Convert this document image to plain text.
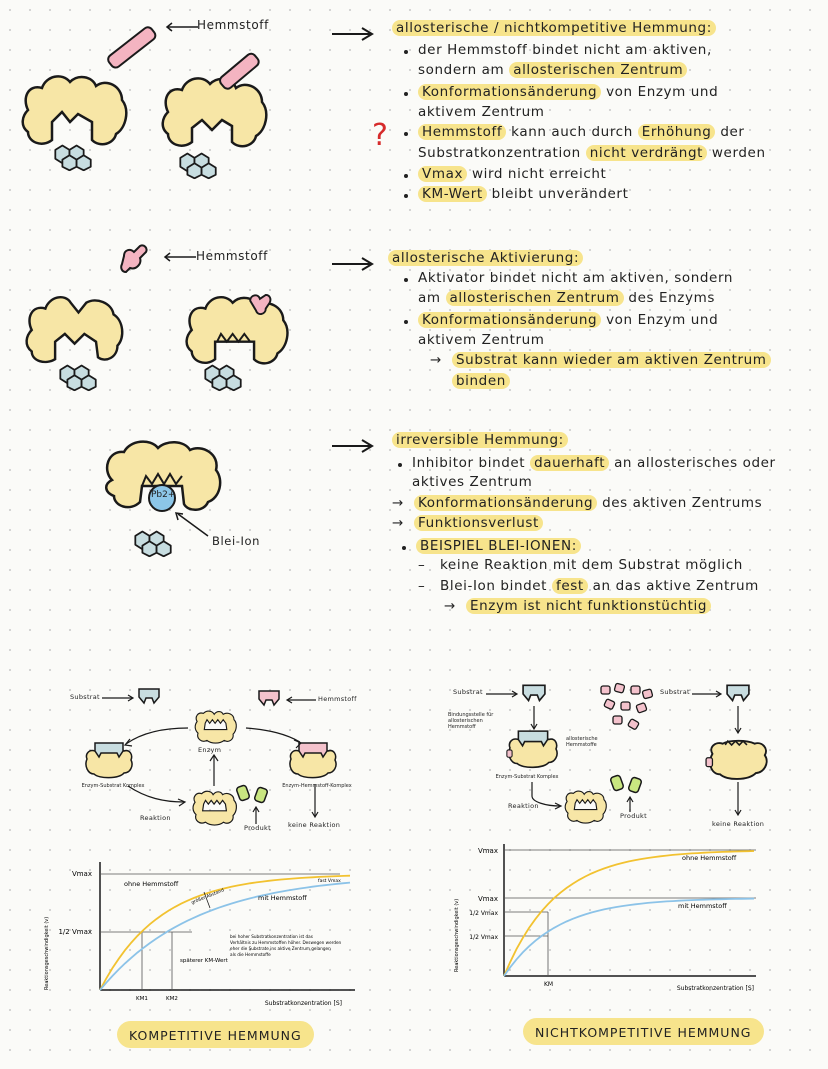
Hemmstoff	allosterische / nichtkompetitive Hemmung:
?
der Hemmstoff bindet nicht am aktiven,
sondern am allosterischen Zentrum
Konformationsänderung von Enzym und
aktivem Zentrum
Hemmstoff kann auch durch Erhöhung der
Substratkonzentration nicht verdrängt werden
Vmax wird nicht erreicht
KM-Wert bleibt unverändert
Hemmstoff	allosterische Aktivierung:
Aktivator bindet nicht am aktiven, sondern
am allosterischen Zentrum des Enzyms
Konformationsänderung von Enzym und
aktivem Zentrum
Substrat kann wieder am aktiven Zentrum
→
binden
Pb2+
Blei-Ion
irreversible Hemmung:
Inhibitor bindet dauerhaft an allosterisches oder
aktives Zentrum
Konformationsänderung des aktiven Zentrums
→
Funktionsverlust
→
BEISPIEL BLEI-IONEN:
keine Reaktion mit dem Substrat möglich
–
Blei-Ion bindet fest an das aktive Zentrum
–
Enzym ist nicht funktionstüchtig
→
Substrat	Hemmstoff
Enzym
Enzym-Substrat Komplex	Enzym-Hemmstoff-Komplex
Reaktion
Produkt	keine Reaktion
Vmax
1/2 Vmax
KM1	KM2
ohne Hemmstoff
mit Hemmstoff
größer Abstand
fast Vmax
späterer KM-Wert
Substratkonzentration [S]
Reaktionsgeschwindigkeit (v)	bei hoher Substratkonzentration ist das Verhältnis zu Hemmstoffen höher. Deswegen werden eher die Substrate ins aktive Zentrum gelangen als die Hemmstoffe
KOMPETITIVE HEMMUNG
Substrat
Bindungsstelle für allosterischen Hemmstoff
Enzym-Substrat Komplex
Reaktion
allosterische Hemmstoffe
Produkt
Substrat
keine Reaktion
Vmax
Vmax
1/2 Vmax
1/2 Vmax
KM
ohne Hemmstoff
mit Hemmstoff
Substratkonzentration [S]
Reaktionsgeschwindigkeit (v)
NICHTKOMPETITIVE HEMMUNG
